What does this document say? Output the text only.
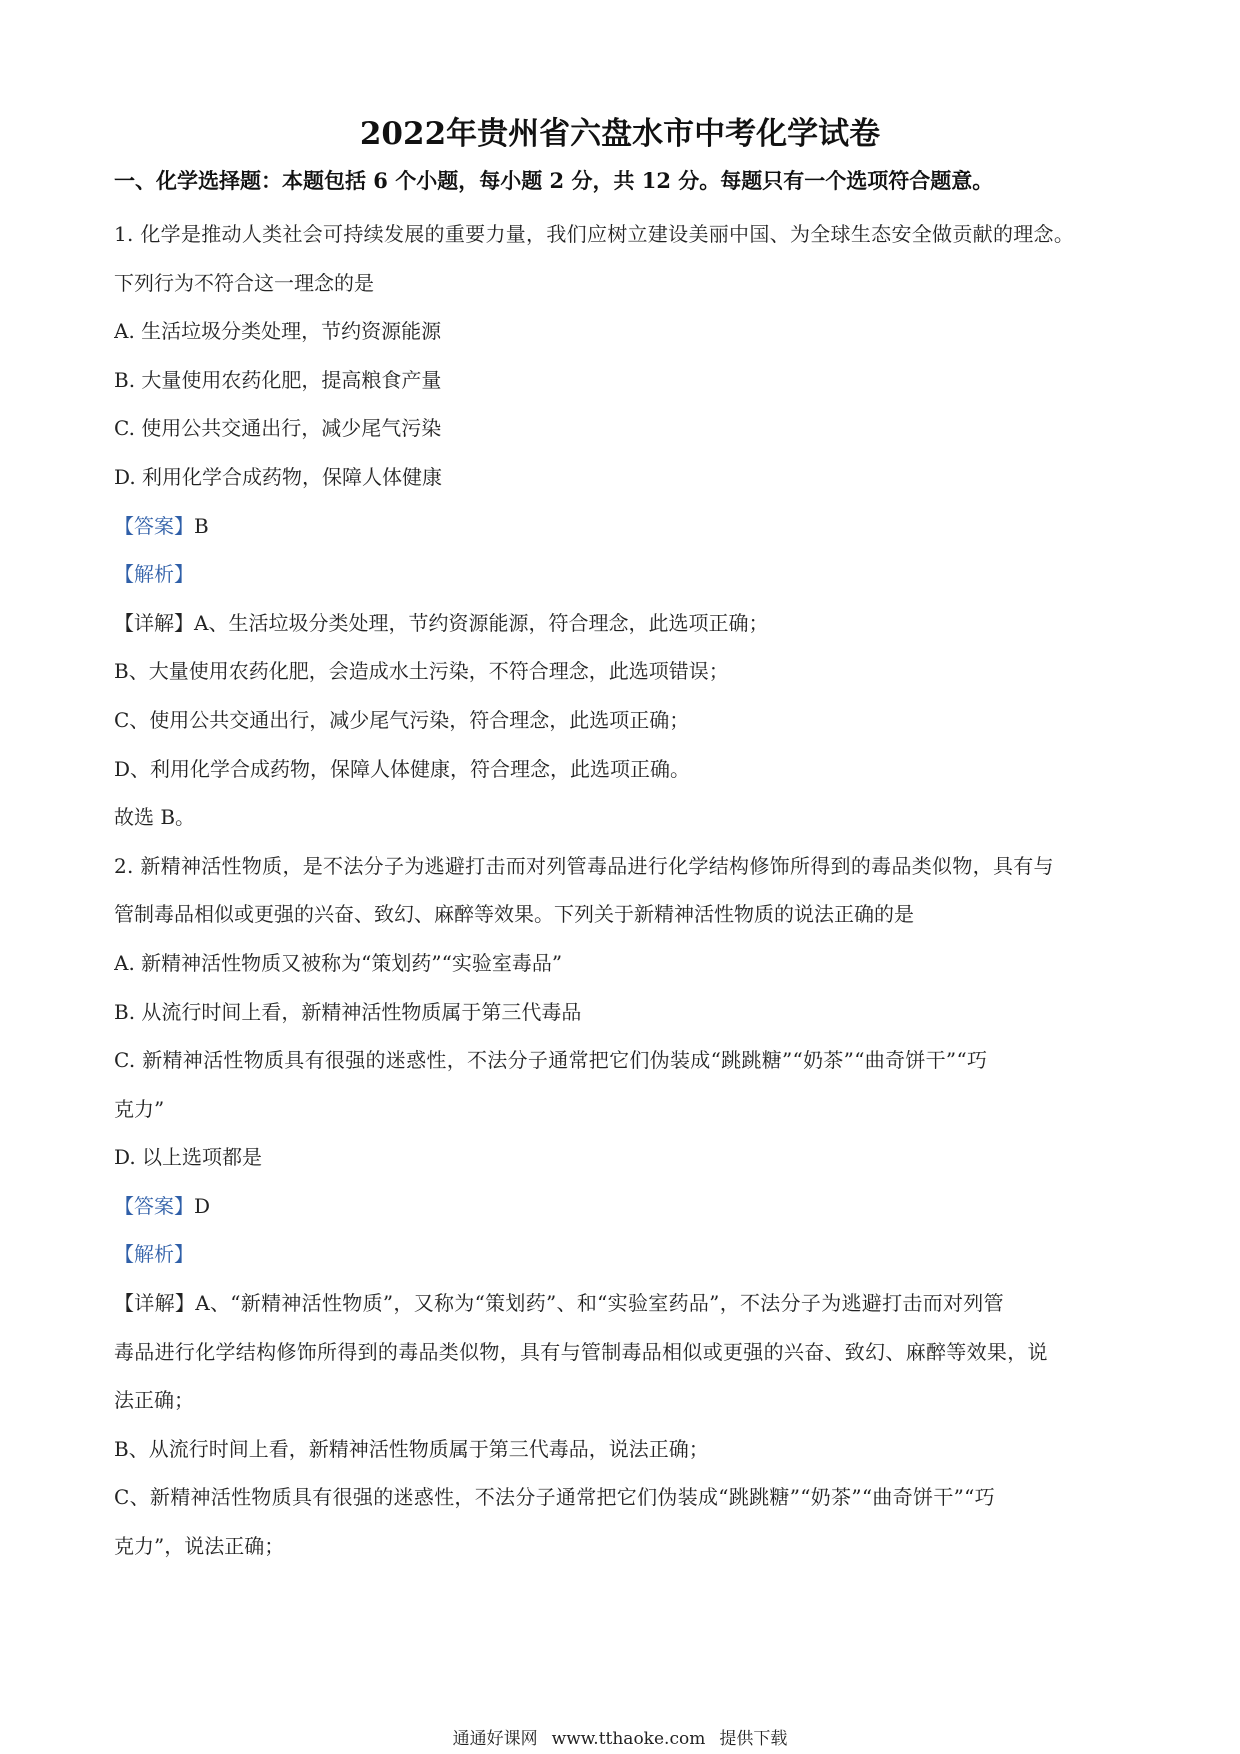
2022年贵州省六盘水市中考化学试卷
一、化学选择题：本题包括 6 个小题，每小题 2 分，共 12 分。每题只有一个选项符合题意。
1. 化学是推动人类社会可持续发展的重要力量，我们应树立建设美丽中国、为全球生态安全做贡献的理念。
下列行为不符合这一理念的是
A. 生活垃圾分类处理，节约资源能源
B. 大量使用农药化肥，提高粮食产量
C. 使用公共交通出行，减少尾气污染
D. 利用化学合成药物，保障人体健康
【答案】B
【解析】
【详解】A、生活垃圾分类处理，节约资源能源，符合理念，此选项正确；
B、大量使用农药化肥，会造成水土污染，不符合理念，此选项错误；
C、使用公共交通出行，减少尾气污染，符合理念，此选项正确；
D、利用化学合成药物，保障人体健康，符合理念，此选项正确。
故选 B。
2. 新精神活性物质，是不法分子为逃避打击而对列管毒品进行化学结构修饰所得到的毒品类似物，具有与
管制毒品相似或更强的兴奋、致幻、麻醉等效果。下列关于新精神活性物质的说法正确的是
A. 新精神活性物质又被称为“策划药”“实验室毒品”
B. 从流行时间上看，新精神活性物质属于第三代毒品
C. 新精神活性物质具有很强的迷惑性，不法分子通常把它们伪装成“跳跳糖”“奶茶”“曲奇饼干”“巧
克力”
D. 以上选项都是
【答案】D
【解析】
【详解】A、“新精神活性物质”，又称为“策划药”、和“实验室药品”，不法分子为逃避打击而对列管
毒品进行化学结构修饰所得到的毒品类似物，具有与管制毒品相似或更强的兴奋、致幻、麻醉等效果，说
法正确；
B、从流行时间上看，新精神活性物质属于第三代毒品，说法正确；
C、新精神活性物质具有很强的迷惑性，不法分子通常把它们伪装成“跳跳糖”“奶茶”“曲奇饼干”“巧
克力”，说法正确；
通通好课网 www.tthaoke.com 提供下载
